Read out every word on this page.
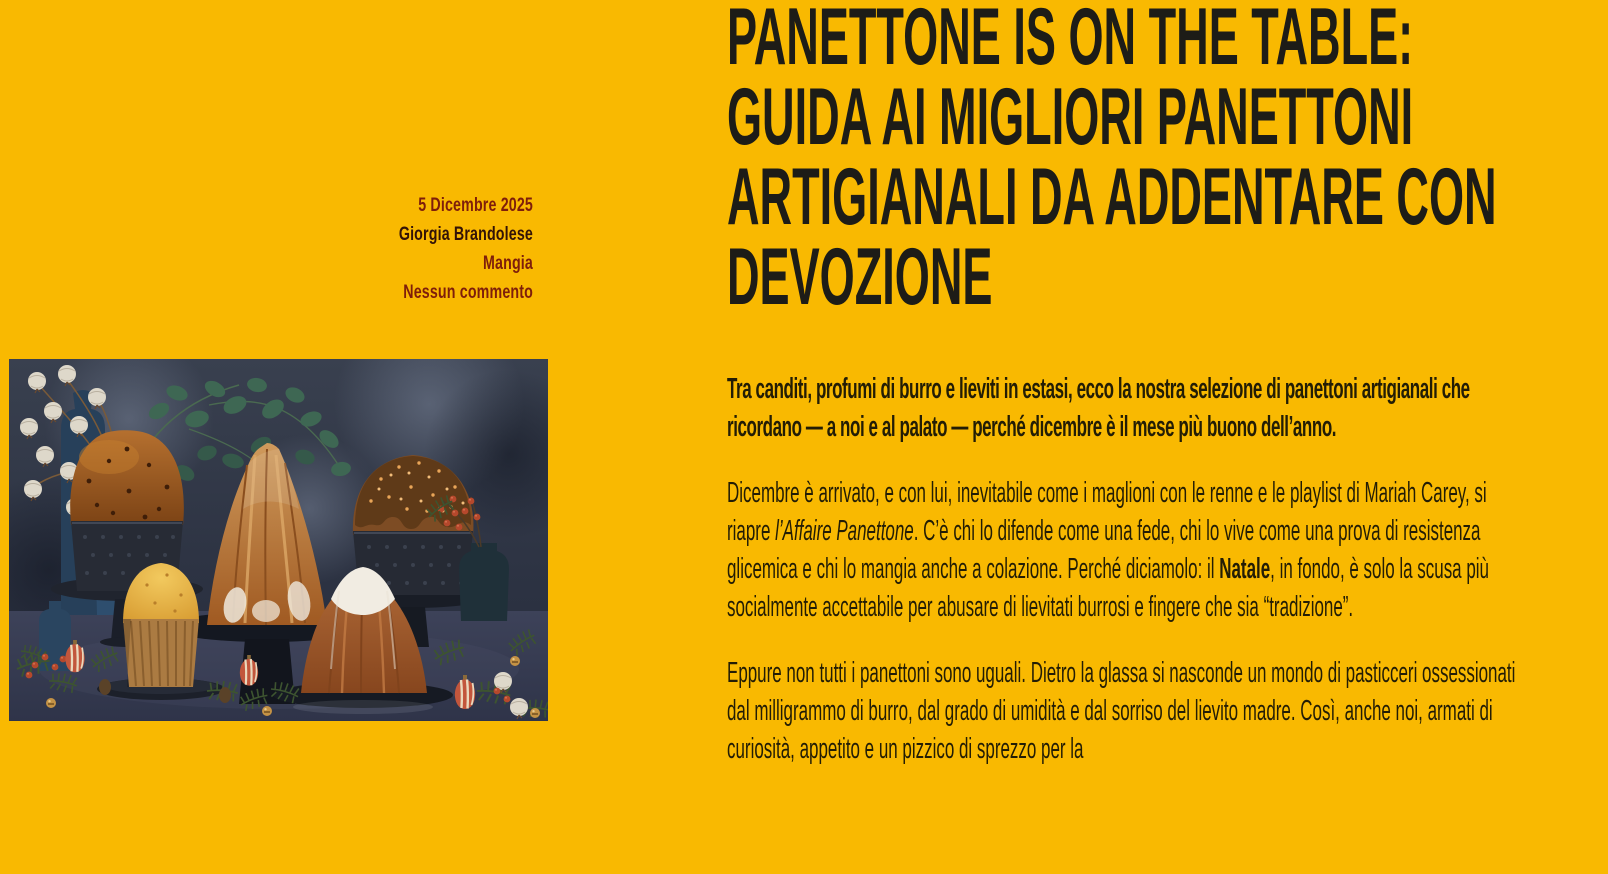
5 Dicembre 2025
Giorgia Brandolese
Mangia
Nessun commento
PANETTONE IS ON THE TABLE: GUIDA AI MIGLIORI PANETTONI ARTIGIANALI DA ADDENTARE CON DEVOZIONE

Tra canditi, profumi di burro e lieviti in estasi, ecco la nostra selezione di panettoni artigianali che ricordano — a noi e al palato — perché dicembre è il mese più buono dell’anno.

Dicembre è arrivato, e con lui, inevitabile come i maglioni con le renne e le playlist di Mariah Carey, si riapre l’Affaire Panettone. C’è chi lo difende come una fede, chi lo vive come una prova di resistenza glicemica e chi lo mangia anche a colazione. Perché diciamolo: il Natale, in fondo, è solo la scusa più socialmente accettabile per abusare di lievitati burrosi e fingere che sia “tradizione”.

Eppure non tutti i panettoni sono uguali. Dietro la glassa si nasconde un mondo di pasticceri ossessionati dal milligrammo di burro, dal grado di umidità e dal sorriso del lievito madre. Così, anche noi, armati di curiosità, appetito e un pizzico di sprezzo per la
